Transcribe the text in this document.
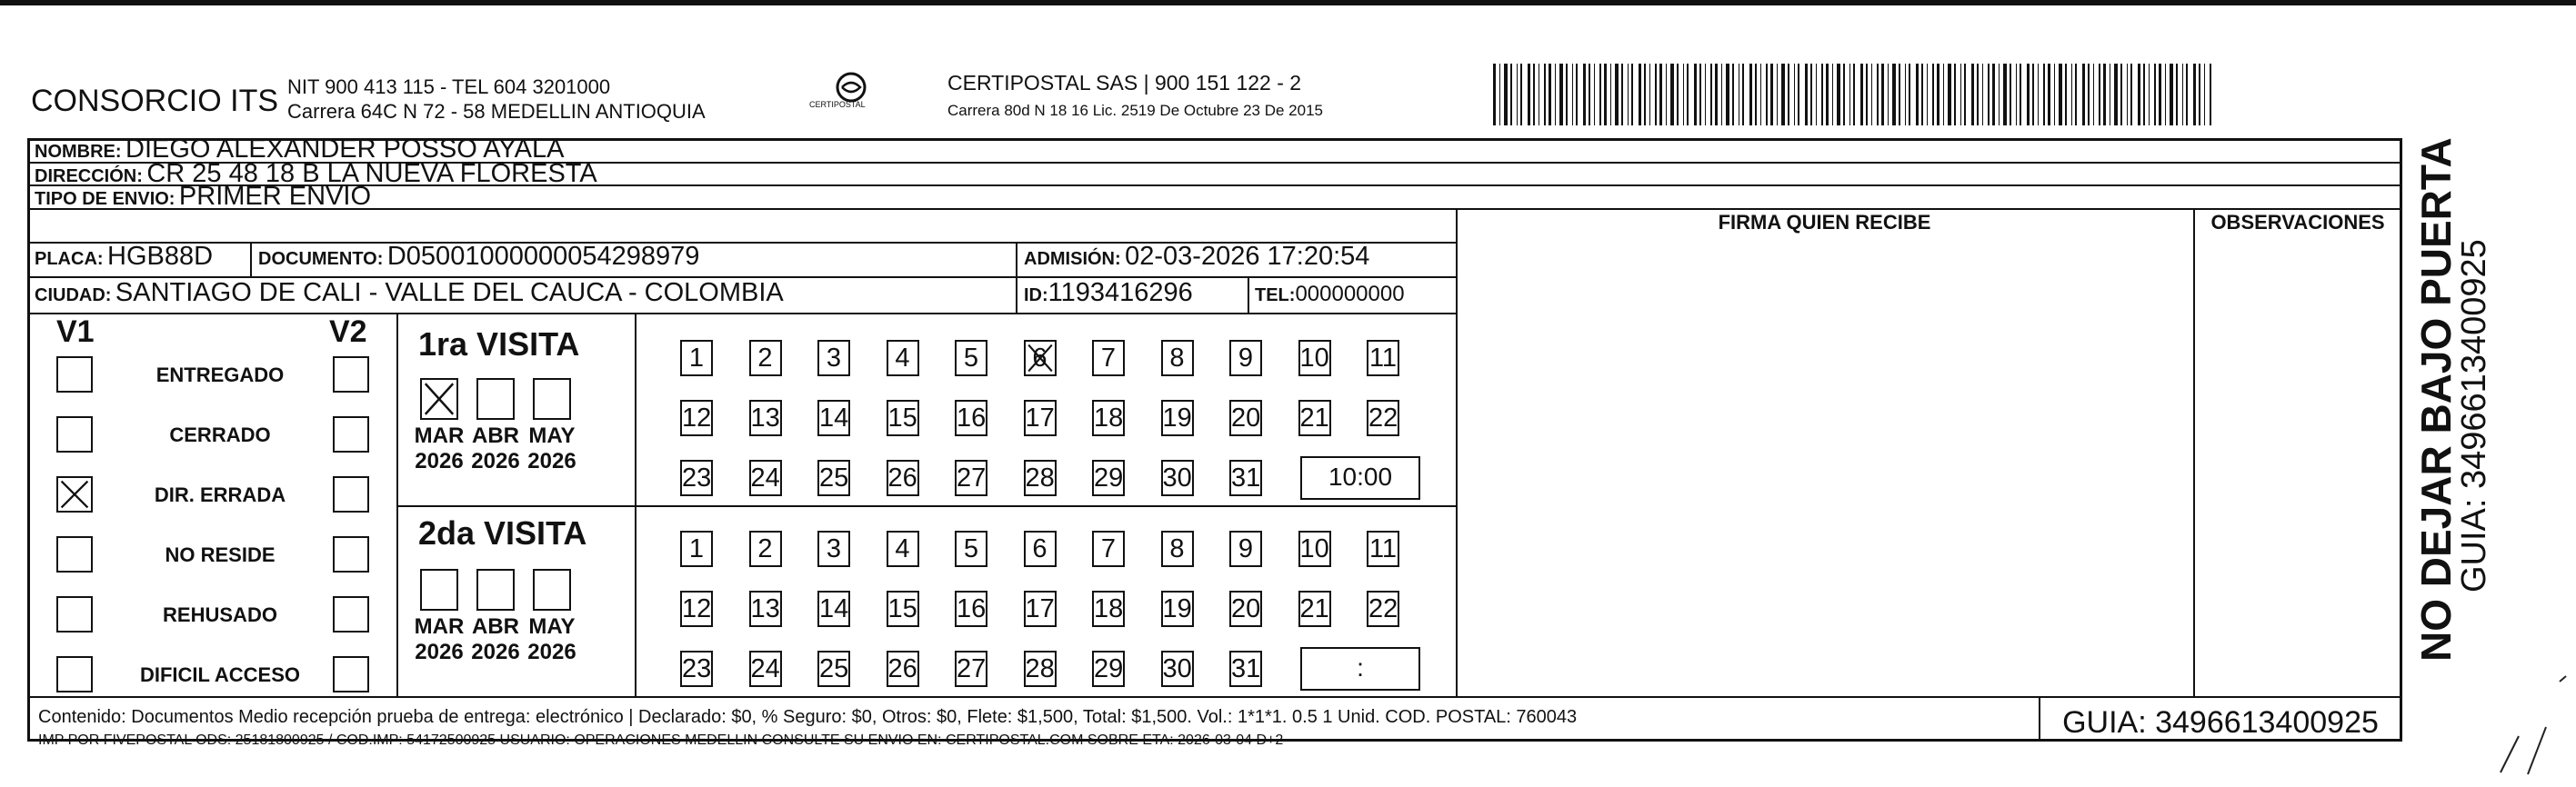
CONSORCIO ITS NIT 900 413 115 - TEL 604 3201000
Carrera 64C N 72 - 58 MEDELLIN ANTIOQUIA	CERTIPOSTAL
CERTIPOSTAL SAS | 900 151 122 - 2
Carrera 80d N 18 16 Lic. 2519 De Octubre 23 De 2015
NOMBRE: DIEGO ALEXANDER POSSO AYALA
DIRECCIÓN: CR 25 48 18 B LA NUEVA FLORESTA
TIPO DE ENVIO: PRIMER ENVIO
FIRMA QUIEN RECIBE	OBSERVACIONES
PLACA: HGB88D DOCUMENTO: D05001000000054298979	ADMISIÓN: 02-03-2026 17:20:54
CIUDAD: SANTIAGO DE CALI - VALLE DEL CAUCA - COLOMBIA	ID:1193416296	TEL:000000000
V1	V2
ENTREGADO
CERRADO
DIR. ERRADA
NO RESIDE
REHUSADO
DIFICIL ACCESO
1ra VISITA
2da VISITA
MAR
2026
ABR
2026
MAY
2026
1	2	3	4	5	6	7	8	9	10 11
12 13 14 15 16 17 18 19 20 21 22
23 24 25 26 27 28 29 30 31	10:00
MAR
2026
ABR
2026
MAY
2026
1	2	3	4	5	6	7	8	9	10 11
12 13 14 15 16 17 18 19 20 21 22
23 24 25 26 27 28 29 30 31	:
Contenido: Documentos Medio recepción prueba de entrega: electrónico | Declarado: $0, % Seguro: $0, Otros: $0, Flete: $1,500, Total: $1,500. Vol.: 1*1*1. 0.5 1 Unid. COD. POSTAL: 760043
IMP POR FIVEPOSTAL ODS: 25181800925 / COD.IMP: 54172500925 USUARIO: OPERACIONES MEDELLIN CONSULTE SU ENVIO EN: CERTIPOSTAL.COM SOBRE ETA: 2026-03-04 D+2
GUIA: 3496613400925
NO DEJAR BAJO PUERTA
GUIA: 3496613400925
